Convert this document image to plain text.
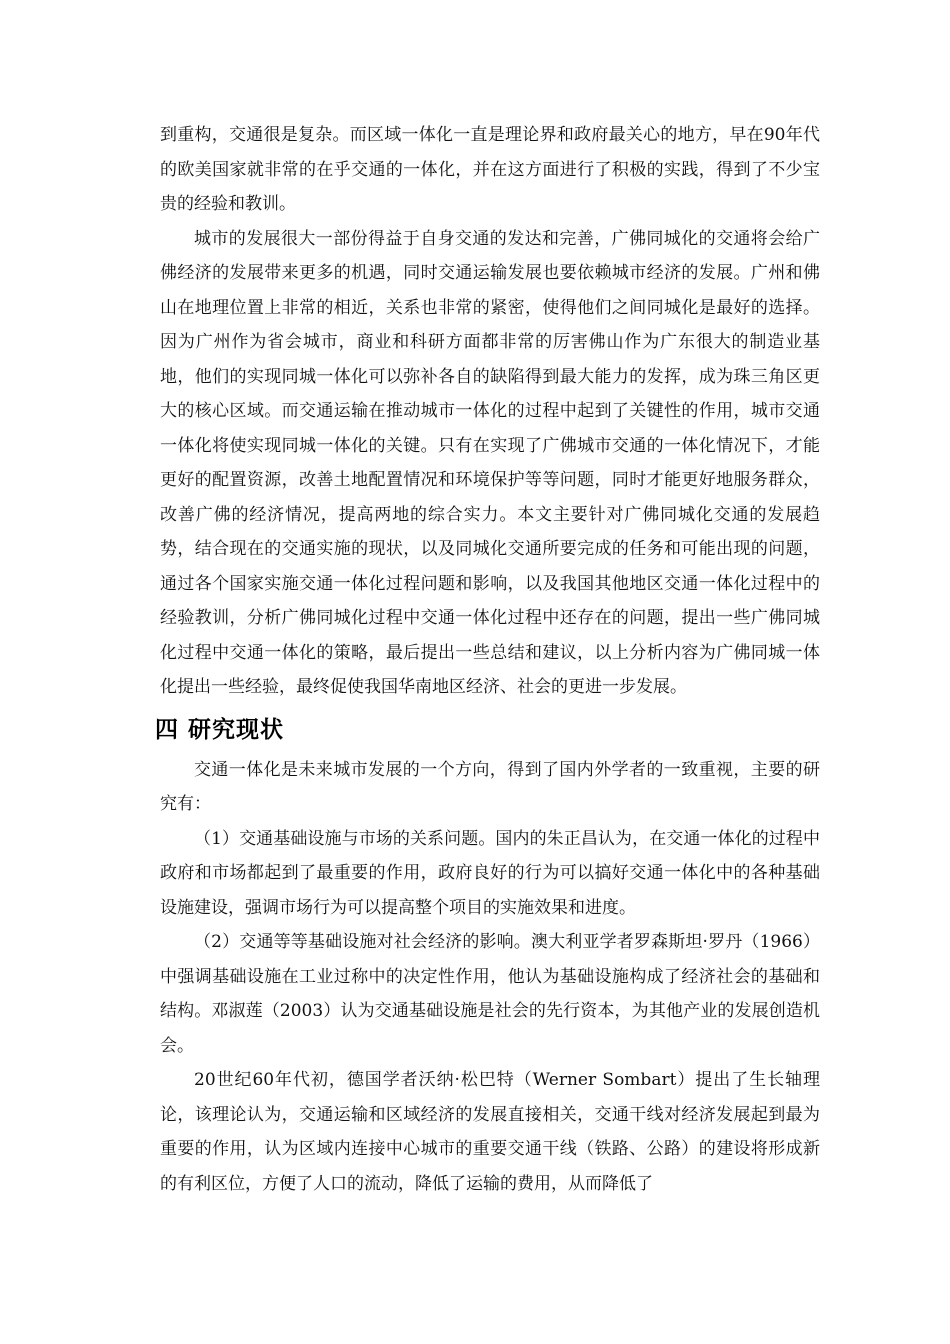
到重构，交通很是复杂。而区域一体化一直是理论界和政府最关心的地方，早在90年代的欧美国家就非常的在乎交通的一体化，并在这方面进行了积极的实践，得到了不少宝贵的经验和教训。

城市的发展很大一部份得益于自身交通的发达和完善，广佛同城化的交通将会给广佛经济的发展带来更多的机遇，同时交通运输发展也要依赖城市经济的发展。广州和佛山在地理位置上非常的相近，关系也非常的紧密，使得他们之间同城化是最好的选择。因为广州作为省会城市，商业和科研方面都非常的厉害佛山作为广东很大的制造业基地，他们的实现同城一体化可以弥补各自的缺陷得到最大能力的发挥，成为珠三角区更大的核心区域。而交通运输在推动城市一体化的过程中起到了关键性的作用，城市交通一体化将使实现同城一体化的关键。只有在实现了广佛城市交通的一体化情况下，才能更好的配置资源，改善土地配置情况和环境保护等等问题，同时才能更好地服务群众，改善广佛的经济情况，提高两地的综合实力。本文主要针对广佛同城化交通的发展趋势，结合现在的交通实施的现状，以及同城化交通所要完成的任务和可能出现的问题，通过各个国家实施交通一体化过程问题和影响，以及我国其他地区交通一体化过程中的经验教训，分析广佛同城化过程中交通一体化过程中还存在的问题，提出一些广佛同城化过程中交通一体化的策略，最后提出一些总结和建议，以上分析内容为广佛同城一体化提出一些经验，最终促使我国华南地区经济、社会的更进一步发展。

四 研究现状

交通一体化是未来城市发展的一个方向，得到了国内外学者的一致重视，主要的研究有：

（1）交通基础设施与市场的关系问题。国内的朱正昌认为，在交通一体化的过程中政府和市场都起到了最重要的作用，政府良好的行为可以搞好交通一体化中的各种基础设施建设，强调市场行为可以提高整个项目的实施效果和进度。

（2）交通等等基础设施对社会经济的影响。澳大利亚学者罗森斯坦·罗丹（1966）中强调基础设施在工业过称中的决定性作用，他认为基础设施构成了经济社会的基础和结构。邓淑莲（2003）认为交通基础设施是社会的先行资本，为其他产业的发展创造机会。

20世纪60年代初，德国学者沃纳·松巴特（Werner Sombart）提出了生长轴理论，该理论认为，交通运输和区域经济的发展直接相关，交通干线对经济发展起到最为重要的作用，认为区域内连接中心城市的重要交通干线（铁路、公路）的建设将形成新的有利区位，方便了人口的流动，降低了运输的费用，从而降低了
